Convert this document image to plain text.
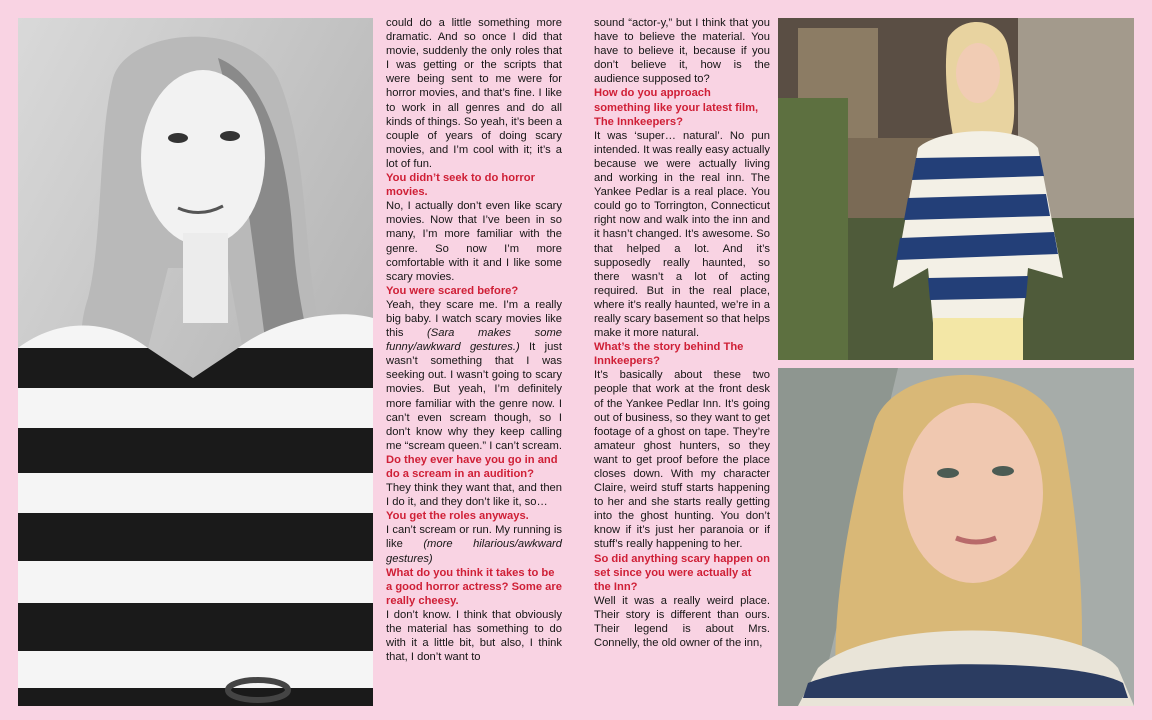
could do a little something more dramatic. And so once I did that movie, suddenly the only roles that I was getting or the scripts that were being sent to me were for horror movies, and that’s fine. I like to work in all genres and do all kinds of things. So yeah, it’s been a couple of years of doing scary movies, and I’m cool with it; it’s a lot of fun.

You didn’t seek to do horror movies.

No, I actually don’t even like scary movies. Now that I’ve been in so many, I’m more familiar with the genre. So now I’m more comfortable with it and I like some scary movies.

You were scared before?

Yeah, they scare me. I’m a really big baby. I watch scary movies like this (Sara makes some funny/awkward gestures.) It just wasn’t something that I was seeking out. I wasn’t going to scary movies. But yeah, I’m definitely more familiar with the genre now. I can’t even scream though, so I don’t know why they keep calling me “scream queen.” I can’t scream.

Do they ever have you go in and do a scream in an audition?

They think they want that, and then I do it, and they don’t like it, so…

You get the roles anyways.

I can’t scream or run. My running is like (more hilarious/awkward gestures)

What do you think it takes to be a good horror actress? Some are really cheesy.

I don’t know. I think that obviously the material has something to do with it a little bit, but also, I think that, I don’t want to

sound “actor-y,” but I think that you have to believe the material. You have to believe it, because if you don’t believe it, how is the audience supposed to?

How do you approach something like your latest film, The Innkeepers?

It was ‘super… natural’. No pun intended. It was really easy actually because we were actually living and working in the real inn. The Yankee Pedlar is a real place. You could go to Torrington, Connecticut right now and walk into the inn and it hasn’t changed. It’s awesome. So that helped a lot. And it’s supposedly really haunted, so there wasn’t a lot of acting required. But in the real place, where it’s really haunted, we’re in a really scary basement so that helps make it more natural.

What’s the story behind The Innkeepers?

It’s basically about these two people that work at the front desk of the Yankee Pedlar Inn. It’s going out of business, so they want to get footage of a ghost on tape. They’re amateur ghost hunters, so they want to get proof before the place closes down. With my character Claire, weird stuff starts happening to her and she starts really getting into the ghost hunting. You don’t know if it’s just her paranoia or if stuff’s really happening to her.

So did anything scary happen on set since you were actually at the Inn?

Well it was a really weird place. Their story is different than ours. Their legend is about Mrs. Connelly, the old owner of the inn,
